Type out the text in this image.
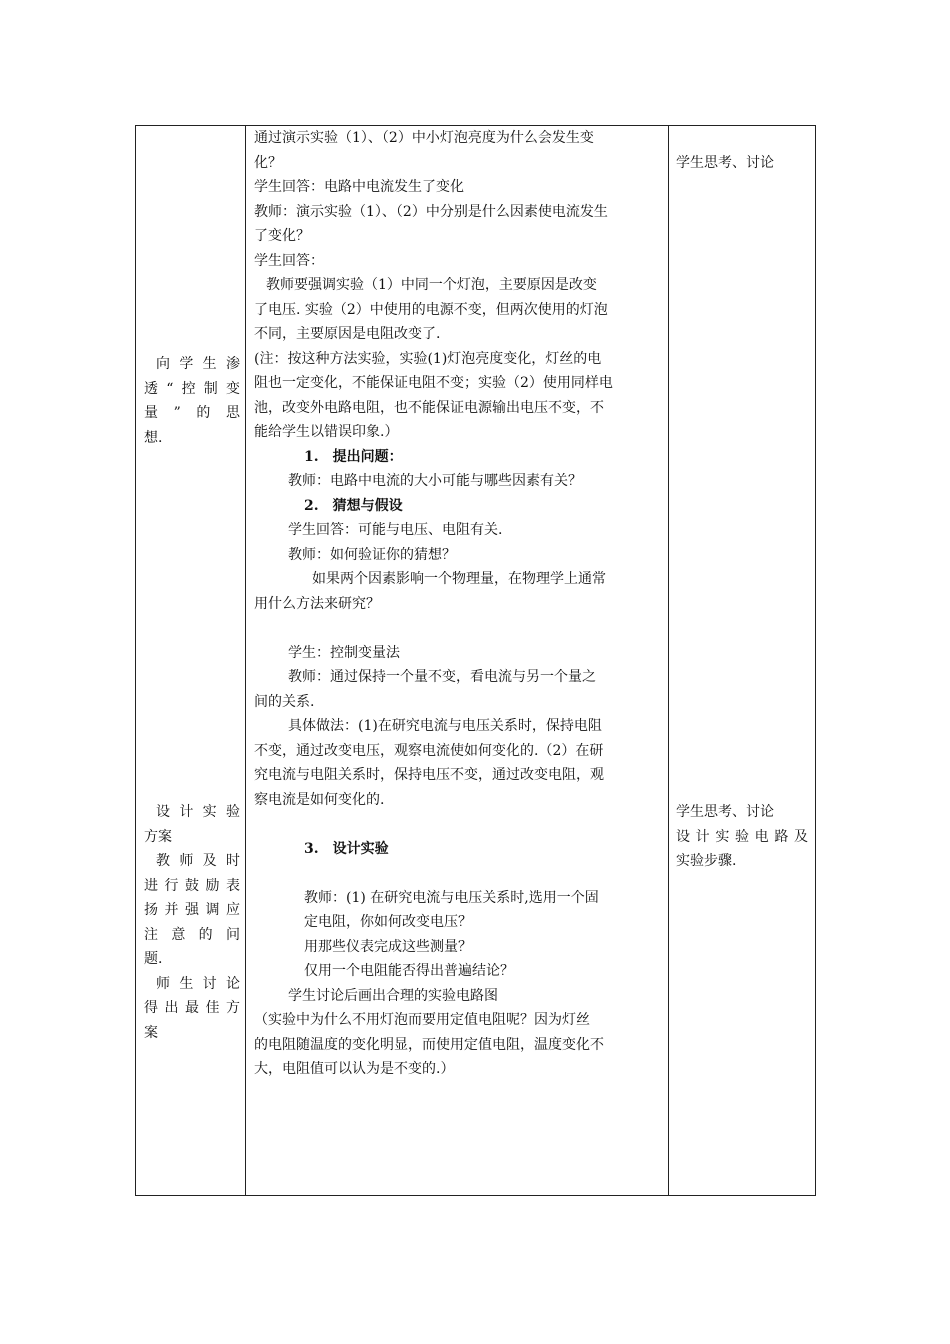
向学生渗

透“控制变

量”的思

想.

设计实验

方案

教师及时

进行鼓励表

扬并强调应

注意的问

题.

师生讨论

得出最佳方

案

通过演示实验（1）、（2）中小灯泡亮度为什么会发生变

化？

学生回答：电路中电流发生了变化

教师：演示实验（1）、（2）中分别是什么因素使电流发生

了变化？

学生回答：

教师要强调实验（1）中同一个灯泡，主要原因是改变

了电压. 实验（2）中使用的电源不变，但两次使用的灯泡

不同，主要原因是电阻改变了.

(注：按这种方法实验，实验(1)灯泡亮度变化，灯丝的电

阻也一定变化，不能保证电阻不变；实验（2）使用同样电

池，改变外电路电阻，也不能保证电源输出电压不变，不

能给学生以错误印象.）

1.　提出问题：

教师：电路中电流的大小可能与哪些因素有关？

2.　猜想与假设

学生回答：可能与电压、电阻有关.

教师：如何验证你的猜想？

如果两个因素影响一个物理量，在物理学上通常

用什么方法来研究？

学生：控制变量法

教师：通过保持一个量不变，看电流与另一个量之

间的关系.

具体做法：(1)在研究电流与电压关系时，保持电阻

不变，通过改变电压，观察电流使如何变化的.（2）在研

究电流与电阻关系时，保持电压不变，通过改变电阻，观

察电流是如何变化的.

3.　设计实验

教师：(1) 在研究电流与电压关系时,选用一个固

定电阻，你如何改变电压？

用那些仪表完成这些测量？

仅用一个电阻能否得出普遍结论？

学生讨论后画出合理的实验电路图

（实验中为什么不用灯泡而要用定值电阻呢？因为灯丝

的电阻随温度的变化明显，而使用定值电阻，温度变化不

大，电阻值可以认为是不变的.）

学生思考、讨论

学生思考、讨论

设计实验电路及

实验步骤.
